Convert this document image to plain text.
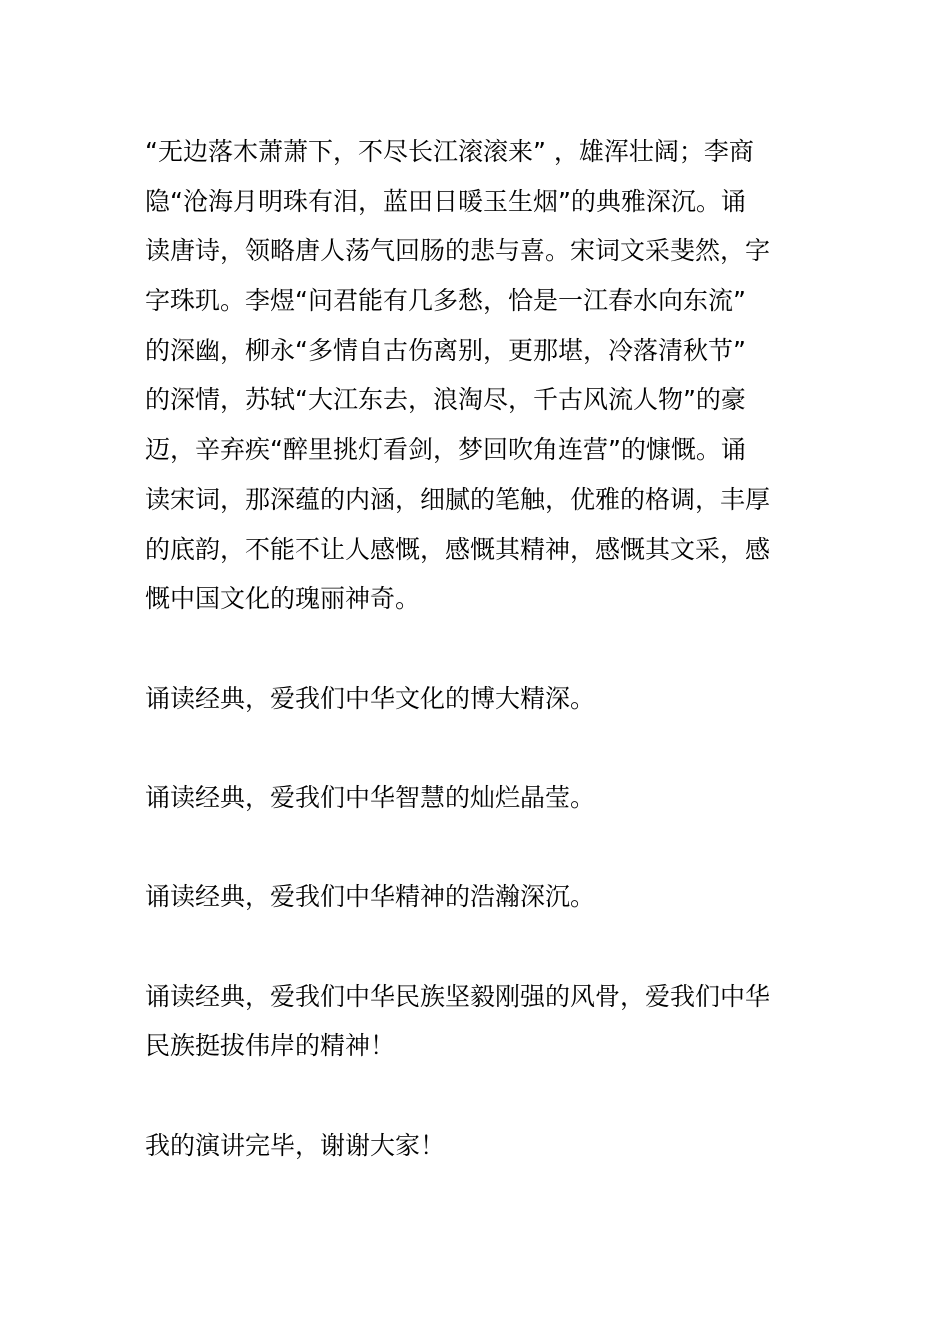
“无边落木萧萧下，不尽长江滚滚来” ，雄浑壮阔；李商
隐“沧海月明珠有泪，蓝田日暖玉生烟”的典雅深沉。诵
读唐诗，领略唐人荡气回肠的悲与喜。宋词文采斐然，字
字珠玑。李煜“问君能有几多愁，恰是一江春水向东流”
的深幽，柳永“多情自古伤离别，更那堪，冷落清秋节”
的深情，苏轼“大江东去，浪淘尽，千古风流人物”的豪
迈，辛弃疾“醉里挑灯看剑，梦回吹角连营”的慷慨。诵
读宋词，那深蕴的内涵，细腻的笔触，优雅的格调，丰厚
的底韵，不能不让人感慨，感慨其精神，感慨其文采，感
慨中国文化的瑰丽神奇。
诵读经典，爱我们中华文化的博大精深。
诵读经典，爱我们中华智慧的灿烂晶莹。
诵读经典，爱我们中华精神的浩瀚深沉。
诵读经典，爱我们中华民族坚毅刚强的风骨，爱我们中华
民族挺拔伟岸的精神！
我的演讲完毕，谢谢大家！
